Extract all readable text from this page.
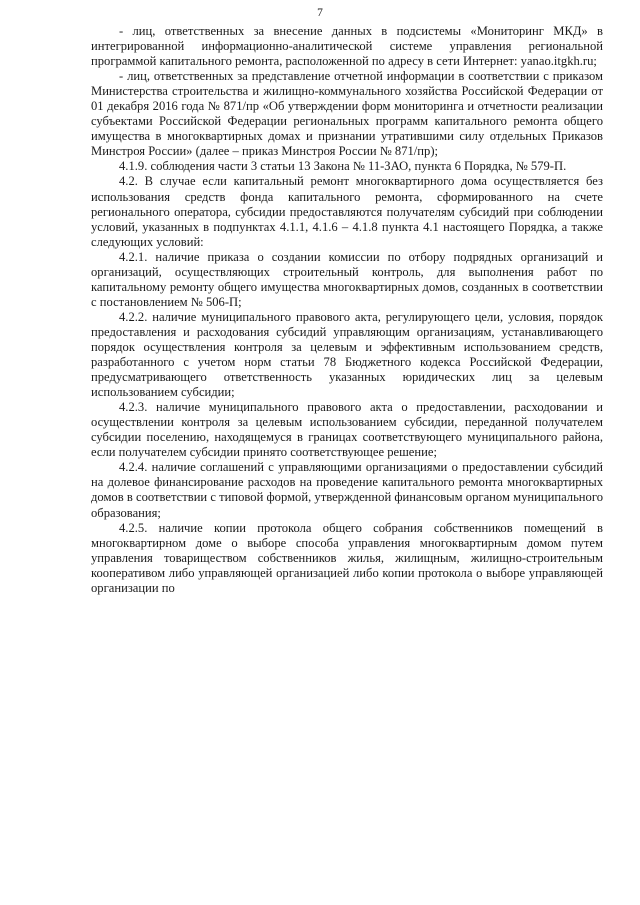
7

- лиц, ответственных за внесение данных в подсистемы «Мониторинг МКД» в интегрированной информационно-аналитической системе управления региональной программой капитального ремонта, расположенной по адресу в сети Интернет: yanao.itgkh.ru;

- лиц, ответственных за представление отчетной информации в соответствии с приказом Министерства строительства и жилищно-коммунального хозяйства Российской Федерации от 01 декабря 2016 года № 871/пр «Об утверждении форм мониторинга и отчетности реализации субъектами Российской Федерации региональных программ капитального ремонта общего имущества в многоквартирных домах и признании утратившими силу отдельных Приказов Минстроя России» (далее – приказ Минстроя России № 871/пр);

4.1.9. соблюдения части 3 статьи 13 Закона № 11-ЗАО, пункта 6 Порядка, № 579-П.

4.2. В случае если капитальный ремонт многоквартирного дома осуществляется без использования средств фонда капитального ремонта, сформированного на счете регионального оператора, субсидии предоставляются получателям субсидий при соблюдении условий, указанных в подпунктах 4.1.1, 4.1.6 – 4.1.8 пункта 4.1 настоящего Порядка, а также следующих условий:

4.2.1. наличие приказа о создании комиссии по отбору подрядных организаций и организаций, осуществляющих строительный контроль, для выполнения работ по капитальному ремонту общего имущества многоквартирных домов, созданных в соответствии с постановлением № 506-П;

4.2.2. наличие муниципального правового акта, регулирующего цели, условия, порядок предоставления и расходования субсидий управляющим организациям, устанавливающего порядок осуществления контроля за целевым и эффективным использованием средств, разработанного с учетом норм статьи 78 Бюджетного кодекса Российской Федерации, предусматривающего ответственность указанных юридических лиц за целевым использованием субсидии;

4.2.3. наличие муниципального правового акта о предоставлении, расходовании и осуществлении контроля за целевым использованием субсидии, переданной получателем субсидии поселению, находящемуся в границах соответствующего муниципального района, если получателем субсидии принято соответствующее решение;

4.2.4. наличие соглашений с управляющими организациями о предоставлении субсидий на долевое финансирование расходов на проведение капитального ремонта многоквартирных домов в соответствии с типовой формой, утвержденной финансовым органом муниципального образования;

4.2.5. наличие копии протокола общего собрания собственников помещений в многоквартирном доме о выборе способа управления многоквартирным домом путем управления товариществом собственников жилья, жилищным, жилищно-строительным кооперативом либо управляющей организацией либо копии протокола о выборе управляющей организации по
